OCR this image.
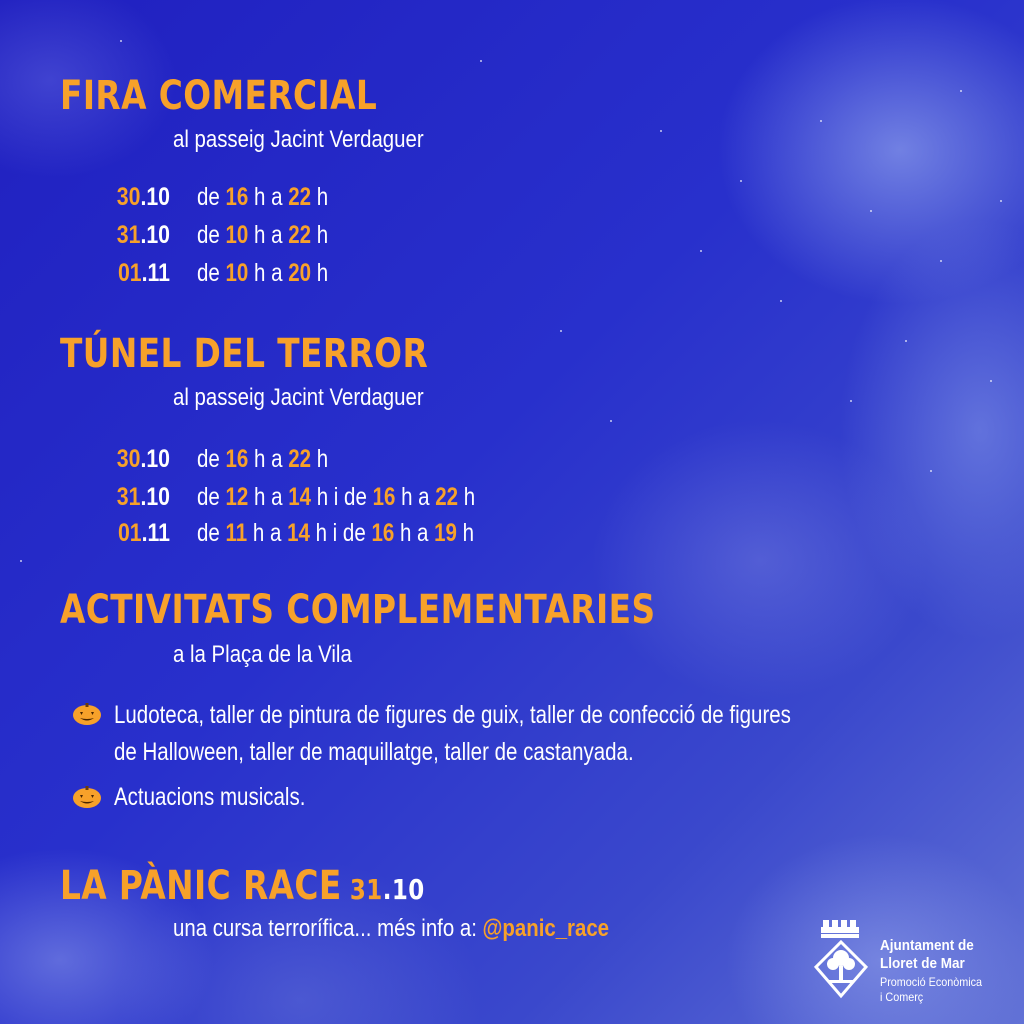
FIRA COMERCIAL

al passeig Jacint Verdaguer

30.10 de 16 h a 22 h
31.10 de 10 h a 22 h
01.11 de 10 h a 20 h
TÚNEL DEL TERROR

al passeig Jacint Verdaguer

30.10 de 16 h a 22 h
31.10 de 12 h a 14 h i de 16 h a 22 h
01.11 de 11 h a 14 h i de 16 h a 19 h
ACTIVITATS COMPLEMENTARIES

a la Plaça de la Vila

Ludoteca, taller de pintura de figures de guix, taller de confecció de figures
de Halloween, taller de maquillatge, taller de castanyada.
Actuacions musicals.
LA PÀNIC RACE 31.10

una cursa terrorífica... més info a: @panic_race

Ajuntament de
Lloret de Mar
Promoció Econòmica
i Comerç
